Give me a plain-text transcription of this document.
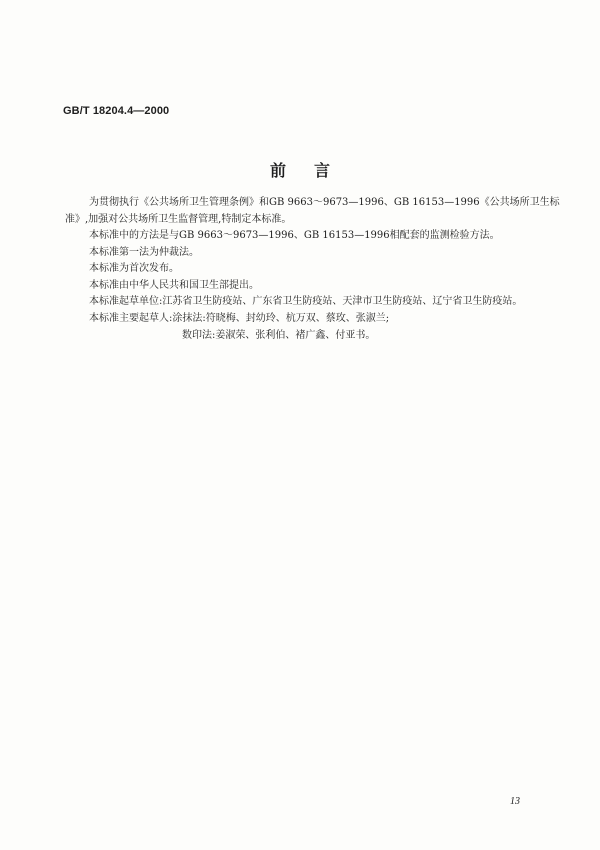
GB/T 18204.4—2000
前言
为贯彻执行《公共场所卫生管理条例》和GB 9663～9673—1996、GB 16153—1996《公共场所卫生标
准》,加强对公共场所卫生监督管理,特制定本标准。
本标准中的方法是与GB 9663～9673—1996、GB 16153—1996相配套的监测检验方法。
本标准第一法为仲裁法。
本标准为首次发布。
本标准由中华人民共和国卫生部提出。
本标准起草单位:江苏省卫生防疫站、广东省卫生防疫站、天津市卫生防疫站、辽宁省卫生防疫站。
本标准主要起草人:涂抹法:符晓梅、封幼玲、杭万双、蔡玫、张淑兰;
数印法:姜淑荣、张利伯、褚广鑫、付亚书。
13
